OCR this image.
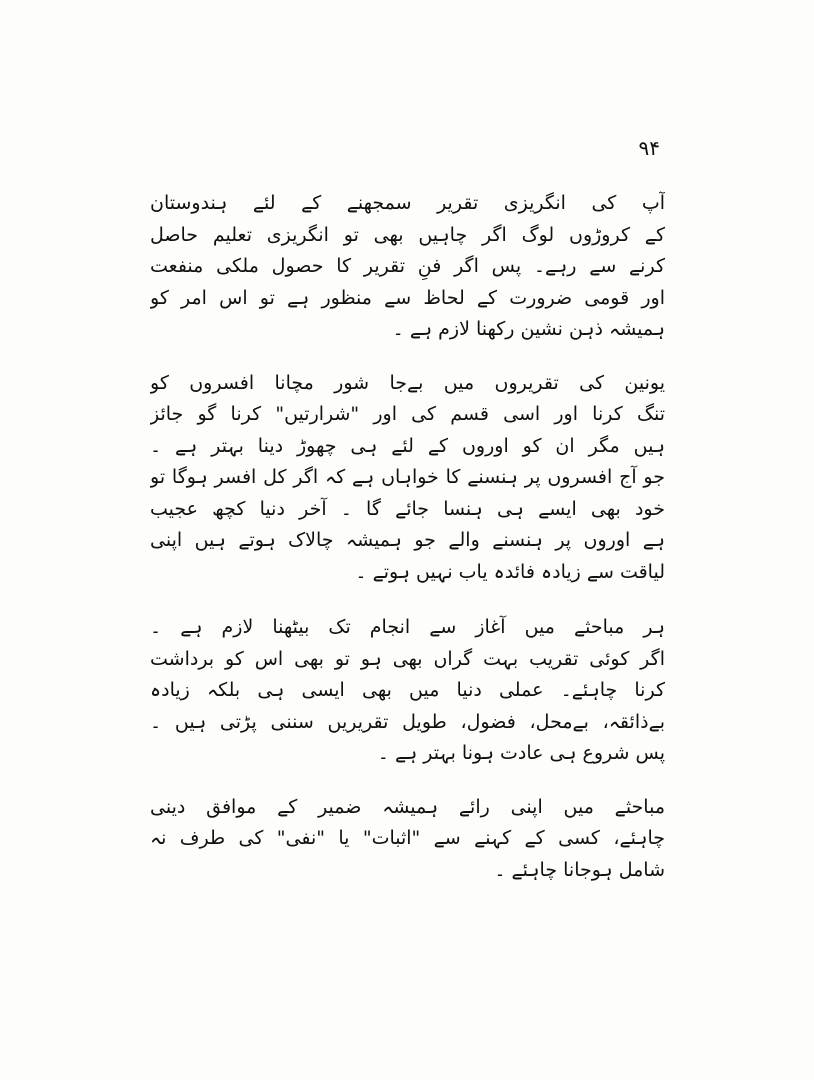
۹۴
آپ کی انگریزی تقریر سمجھنے کے لئے ہندوستان
کے کروڑوں لوگ اگر چاہیں بھی تو انگریزی تعلیم حاصل
کرنے سے رہے۔ پس اگر فنِ تقریر کا حصول ملکی منفعت
اور قومی ضرورت کے لحاظ سے منظور ہے تو اس امر کو
ہمیشہ ذہن نشین رکھنا لازم ہے ۔
یونین کی تقریروں میں بےجا شور مچانا افسروں کو
تنگ کرنا اور اسی قسم کی اور "شرارتیں" کرنا گو جائز
ہیں مگر ان کو اوروں کے لئے ہی چھوڑ دینا بہتر ہے ۔
جو آج افسروں پر ہنسنے کا خواہاں ہے کہ اگر کل افسر ہوگا تو
خود بھی ایسے ہی ہنسا جائے گا ۔ آخر دنیا کچھ عجیب
ہے اوروں پر ہنسنے والے جو ہمیشہ چالاک ہوتے ہیں اپنی
لیاقت سے زیادہ فائدہ یاب نہیں ہوتے ۔
ہر مباحثے میں آغاز سے انجام تک بیٹھنا لازم ہے ۔
اگر کوئی تقریب بہت گراں بھی ہو تو بھی اس کو برداشت
کرنا چاہئے۔ عملی دنیا میں بھی ایسی ہی بلکہ زیادہ
بےذائقہ، بےمحل، فضول، طویل تقریریں سننی پڑتی ہیں ۔
پس شروع ہی عادت ہونا بہتر ہے ۔
مباحثے میں اپنی رائے ہمیشہ ضمیر کے موافق دینی
چاہئے، کسی کے کہنے سے "اثبات" یا "نفی" کی طرف نہ
شامل ہوجانا چاہئے ۔
